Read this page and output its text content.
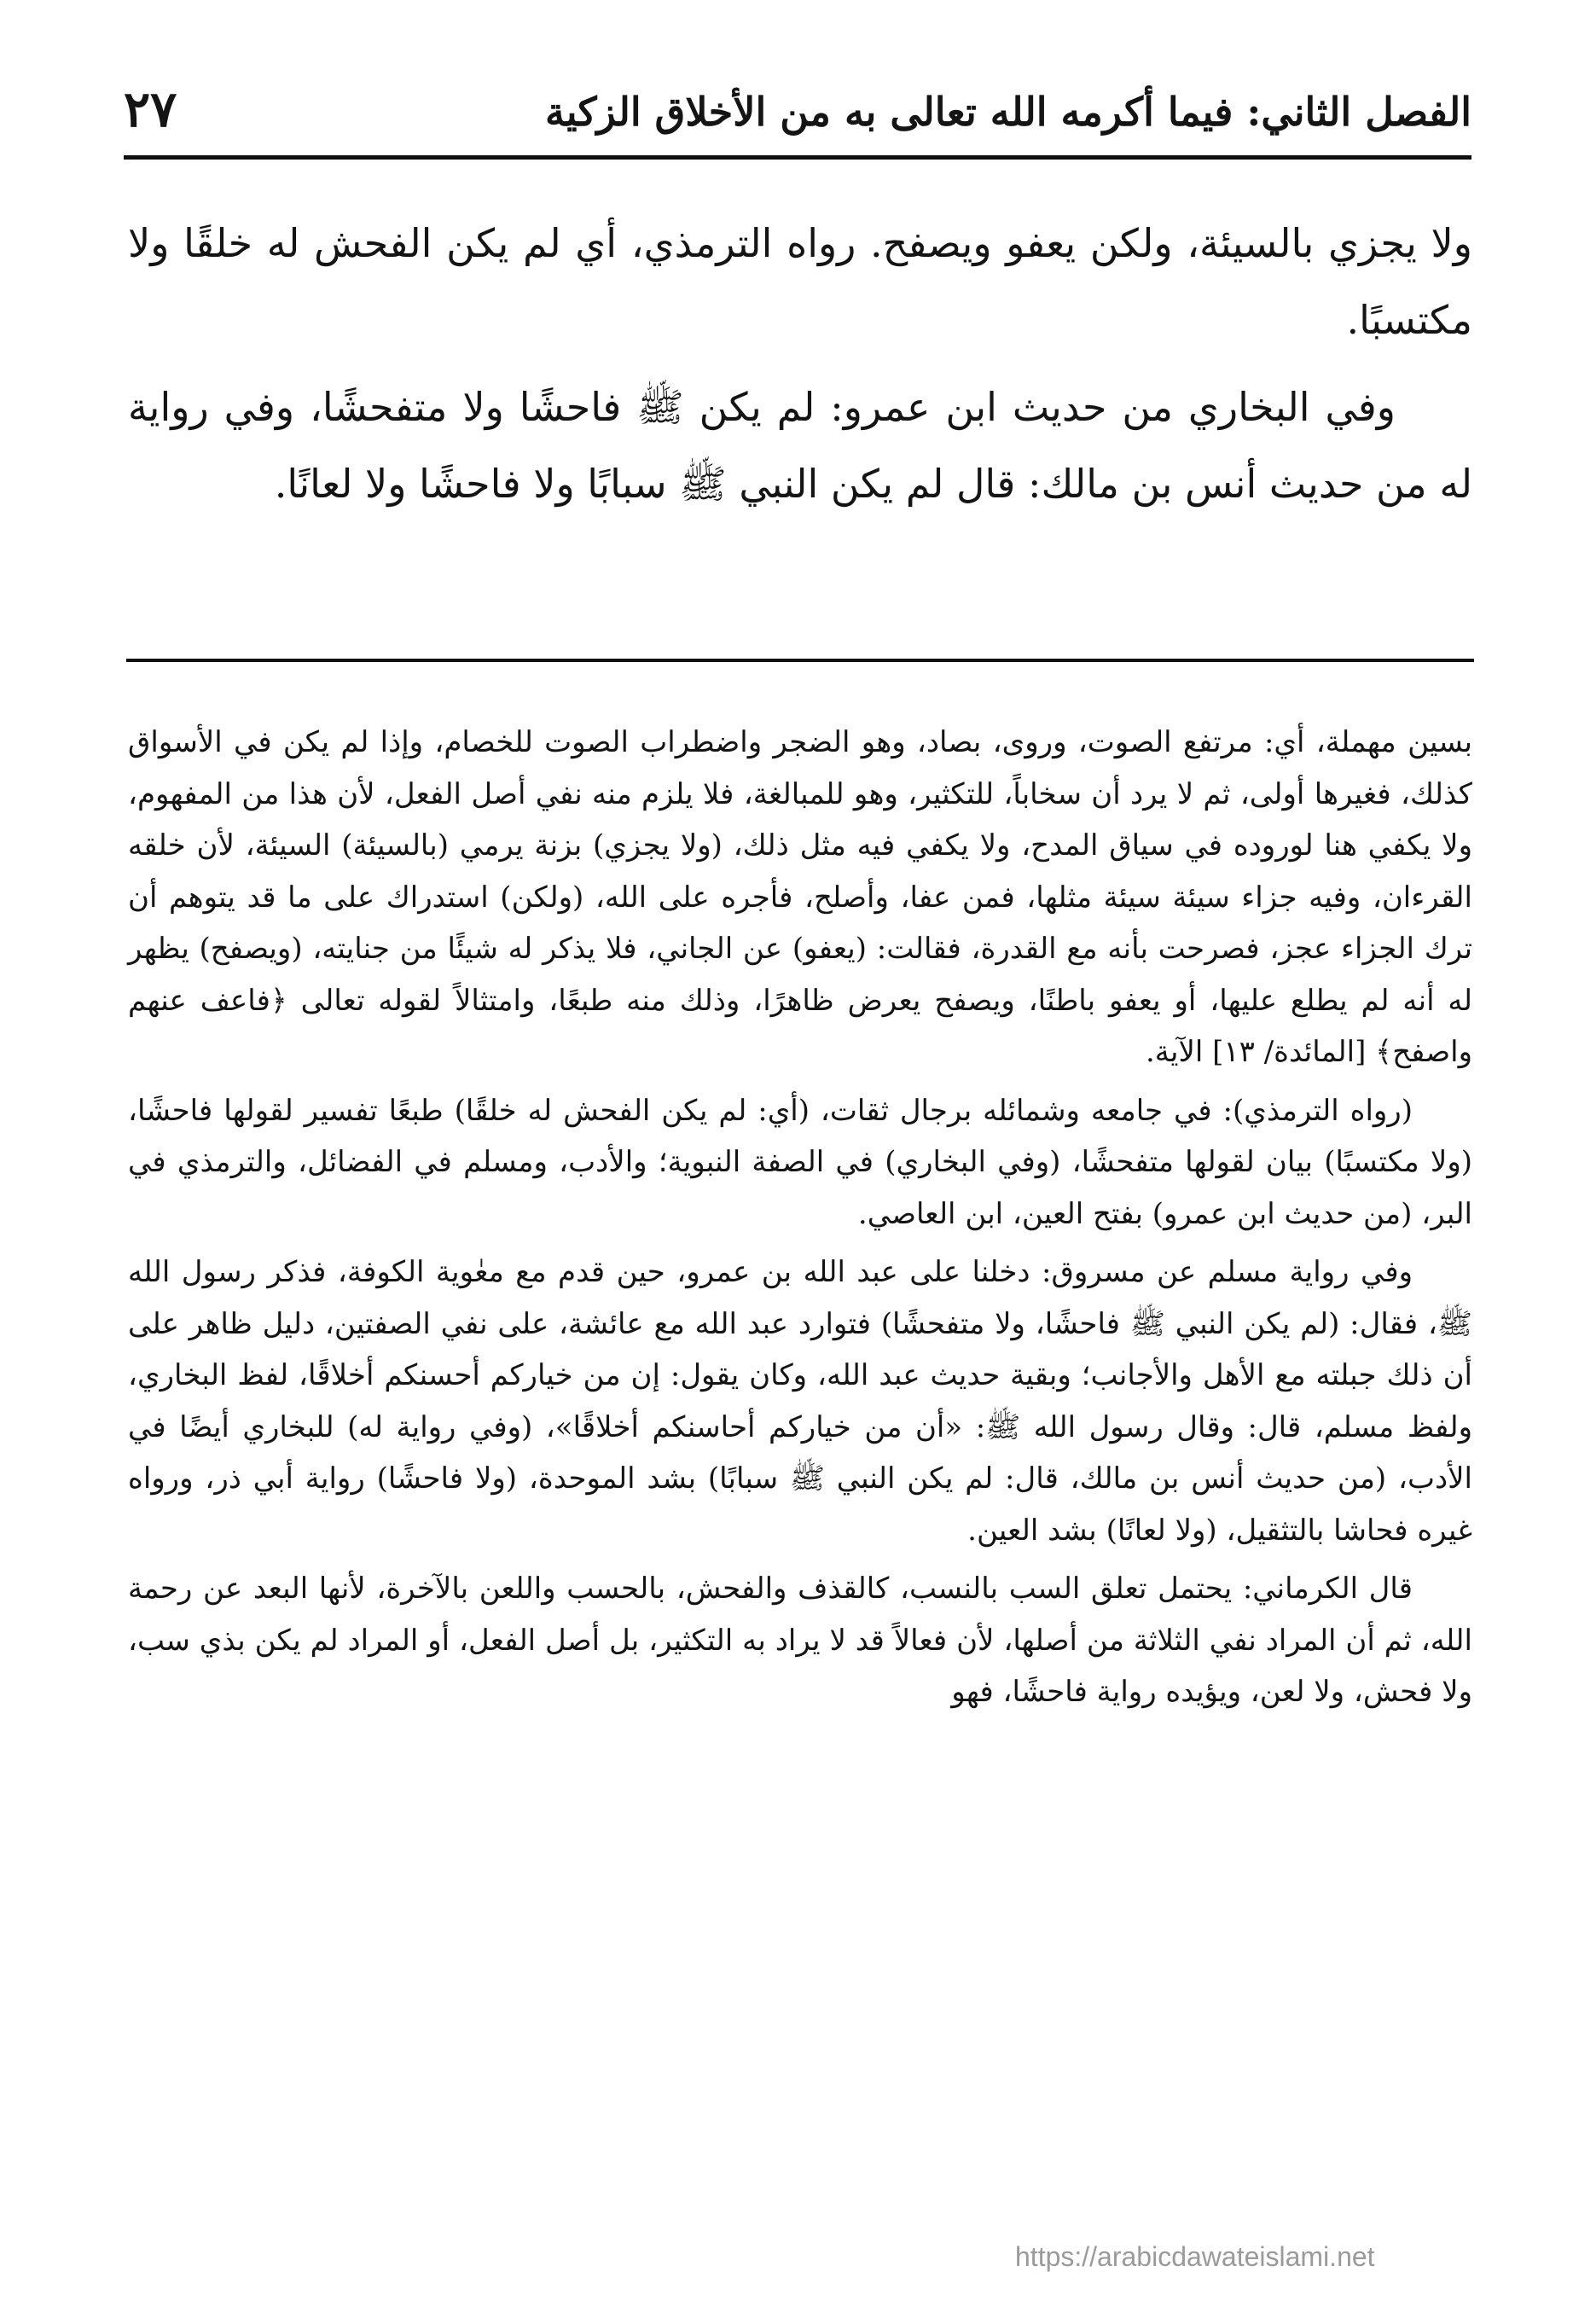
الفصل الثاني: فيما أكرمه الله تعالى به من الأخلاق الزكية
٢٧

ولا يجزي بالسيئة، ولكن يعفو ويصفح. رواه الترمذي، أي لم يكن الفحش له خلقًا ولا مكتسبًا.

وفي البخاري من حديث ابن عمرو: لم يكن ﷺ فاحشًا ولا متفحشًا، وفي رواية له من حديث أنس بن مالك: قال لم يكن النبي ﷺ سبابًا ولا فاحشًا ولا لعانًا.

بسين مهملة، أي: مرتفع الصوت، وروى، بصاد، وهو الضجر واضطراب الصوت للخصام، وإذا لم يكن في الأسواق كذلك، فغيرها أولى، ثم لا يرد أن سخاباً، للتكثير، وهو للمبالغة، فلا يلزم منه نفي أصل الفعل، لأن هذا من المفهوم، ولا يكفي هنا لوروده في سياق المدح، ولا يكفي فيه مثل ذلك، (ولا يجزي) بزنة يرمي (بالسيئة) السيئة، لأن خلقه القرءان، وفيه جزاء سيئة سيئة مثلها، فمن عفا، وأصلح، فأجره على الله، (ولكن) استدراك على ما قد يتوهم أن ترك الجزاء عجز، فصرحت بأنه مع القدرة، فقالت: (يعفو) عن الجاني، فلا يذكر له شيئًا من جنايته، (ويصفح) يظهر له أنه لم يطلع عليها، أو يعفو باطنًا، ويصفح يعرض ظاهرًا، وذلك منه طبعًا، وامتثالاً لقوله تعالى ﴿فاعف عنهم واصفح﴾ [المائدة/ ١٣] الآية.

(رواه الترمذي): في جامعه وشمائله برجال ثقات، (أي: لم يكن الفحش له خلقًا) طبعًا تفسير لقولها فاحشًا، (ولا مكتسبًا) بيان لقولها متفحشًا، (وفي البخاري) في الصفة النبوية؛ والأدب، ومسلم في الفضائل، والترمذي في البر، (من حديث ابن عمرو) بفتح العين، ابن العاصي.

وفي رواية مسلم عن مسروق: دخلنا على عبد الله بن عمرو، حين قدم مع معٰوية الكوفة، فذكر رسول الله ﷺ، فقال: (لم يكن النبي ﷺ فاحشًا، ولا متفحشًا) فتوارد عبد الله مع عائشة، على نفي الصفتين، دليل ظاهر على أن ذلك جبلته مع الأهل والأجانب؛ وبقية حديث عبد الله، وكان يقول: إن من خياركم أحسنكم أخلاقًا، لفظ البخاري، ولفظ مسلم، قال: وقال رسول الله ﷺ: «أن من خياركم أحاسنكم أخلاقًا»، (وفي رواية له) للبخاري أيضًا في الأدب، (من حديث أنس بن مالك، قال: لم يكن النبي ﷺ سبابًا) بشد الموحدة، (ولا فاحشًا) رواية أبي ذر، ورواه غيره فحاشا بالتثقيل، (ولا لعانًا) بشد العين.

قال الكرماني: يحتمل تعلق السب بالنسب، كالقذف والفحش، بالحسب واللعن بالآخرة، لأنها البعد عن رحمة الله، ثم أن المراد نفي الثلاثة من أصلها، لأن فعالاً قد لا يراد به التكثير، بل أصل الفعل، أو المراد لم يكن بذي سب، ولا فحش، ولا لعن، ويؤيده رواية فاحشًا، فهو

https://arabicdawateislami.net
